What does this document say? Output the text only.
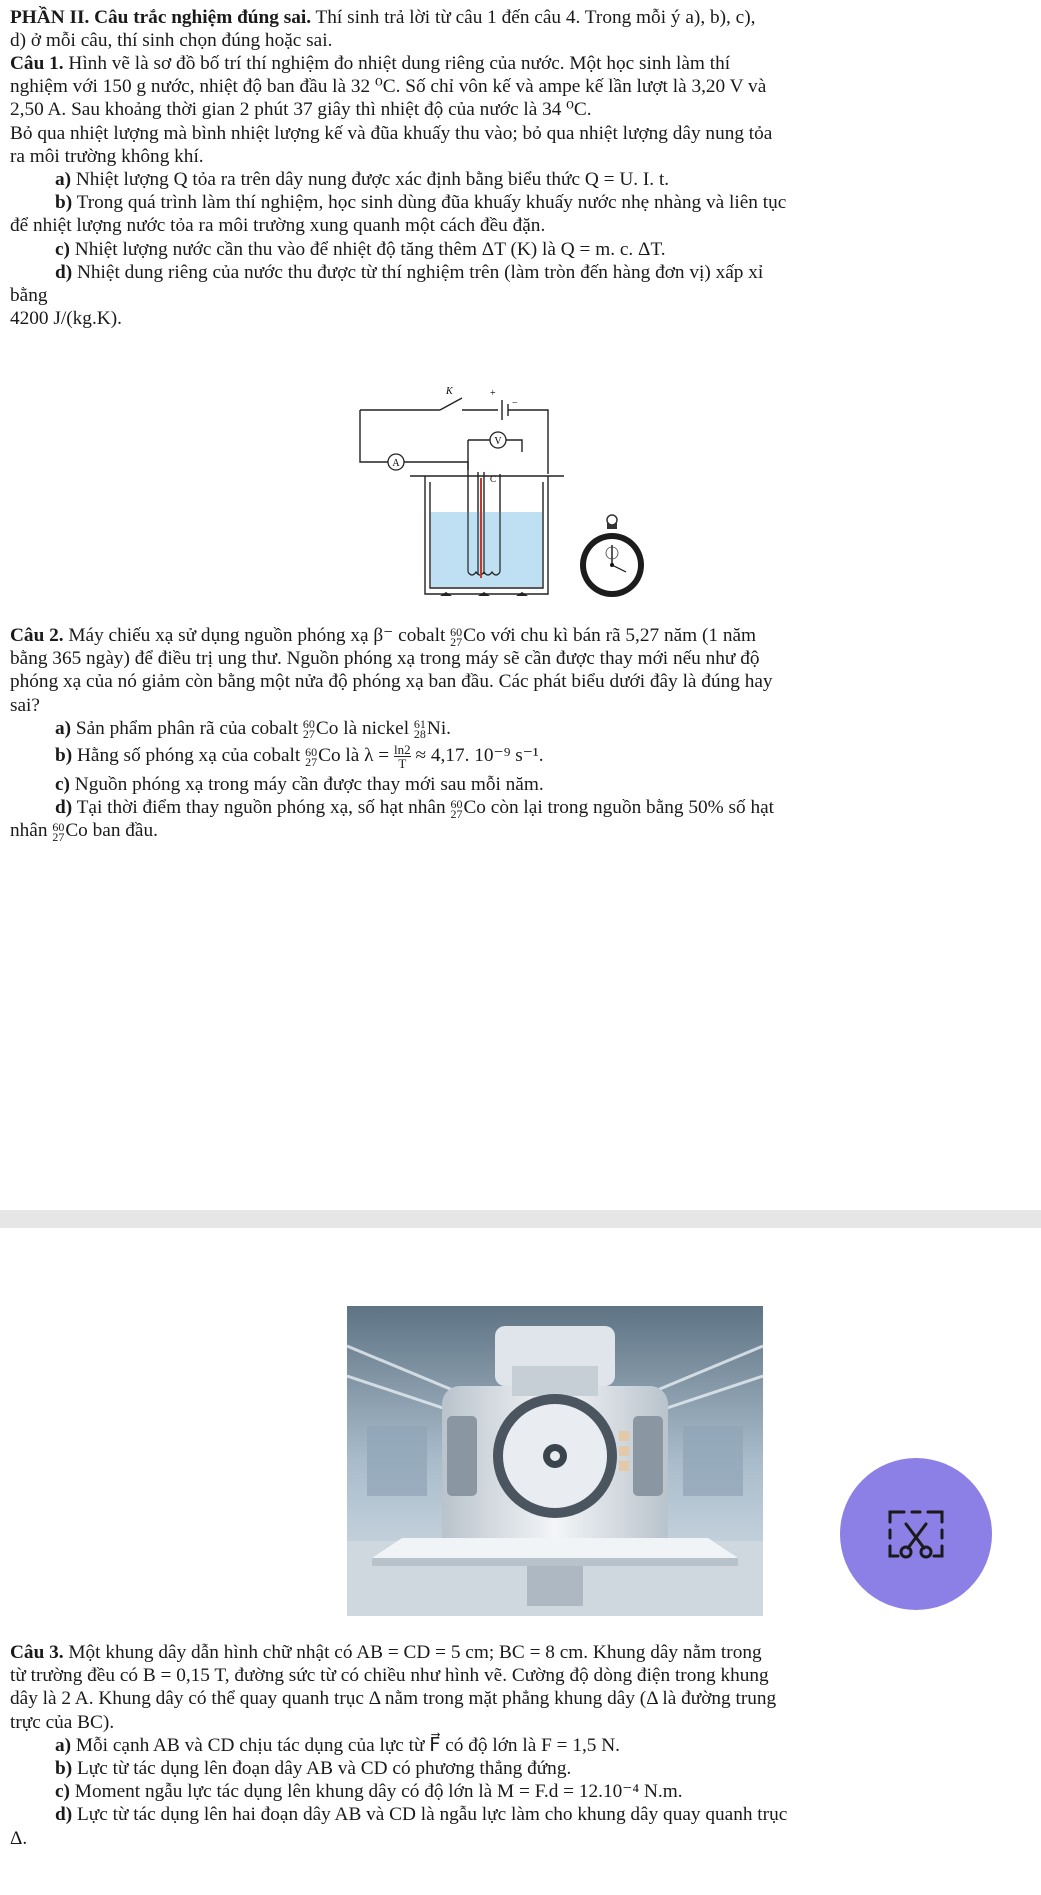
PHẦN II. Câu trắc nghiệm đúng sai. Thí sinh trả lời từ câu 1 đến câu 4. Trong mỗi ý a), b), c),
d) ở mỗi câu, thí sinh chọn đúng hoặc sai.
Câu 1. Hình vẽ là sơ đồ bố trí thí nghiệm đo nhiệt dung riêng của nước. Một học sinh làm thí
nghiệm với 150 g nước, nhiệt độ ban đầu là 32 ⁰C. Số chỉ vôn kế và ampe kế lần lượt là 3,20 V và
2,50 A. Sau khoảng thời gian 2 phút 37 giây thì nhiệt độ của nước là 34 ⁰C.
Bỏ qua nhiệt lượng mà bình nhiệt lượng kế và đũa khuấy thu vào; bỏ qua nhiệt lượng dây nung tỏa
ra môi trường không khí.
a) Nhiệt lượng Q tỏa ra trên dây nung được xác định bằng biểu thức Q = U. I. t.
b) Trong quá trình làm thí nghiệm, học sinh dùng đũa khuấy khuấy nước nhẹ nhàng và liên tục
để nhiệt lượng nước tỏa ra môi trường xung quanh một cách đều đặn.
c) Nhiệt lượng nước cần thu vào để nhiệt độ tăng thêm ΔT (K) là Q = m. c. ΔT.
d) Nhiệt dung riêng của nước thu được từ thí nghiệm trên (làm tròn đến hàng đơn vị) xấp xỉ
bằng
4200 J/(kg.K).
V
A
K	+
−
C
Câu 2. Máy chiếu xạ sử dụng nguồn phóng xạ β⁻ cobalt 60
27 Co với chu kì bán rã 5,27 năm (1 năm
bằng 365 ngày) để điều trị ung thư. Nguồn phóng xạ trong máy sẽ cần được thay mới nếu như độ
phóng xạ của nó giảm còn bằng một nửa độ phóng xạ ban đầu. Các phát biểu dưới đây là đúng hay
sai?
a) Sản phẩm phân rã của cobalt 60
27 Co là nickel 61
28 Ni.
b) Hằng số phóng xạ của cobalt 60
27 Co là $\lambda = \frac{\ln 2}{T} \approx 4,17$. 10⁻⁹ s⁻¹.
c) Nguồn phóng xạ trong máy cần được thay mới sau mỗi năm.
d) Tại thời điểm thay nguồn phóng xạ, số hạt nhân 60
27 Co còn lại trong nguồn bằng 50% số hạt
nhân 60
27 Co ban đầu.
Câu 3. Một khung dây dẫn hình chữ nhật có AB = CD = 5 cm; BC = 8 cm. Khung dây nằm trong
từ trường đều có B = 0,15 T, đường sức từ có chiều như hình vẽ. Cường độ dòng điện trong khung
dây là 2 A. Khung dây có thể quay quanh trục Δ nằm trong mặt phẳng khung dây (Δ là đường trung
trực của BC).
a) Mỗi cạnh AB và CD chịu tác dụng của lực từ F⃗ có độ lớn là F = 1,5 N.
b) Lực từ tác dụng lên đoạn dây AB và CD có phương thẳng đứng.
c) Moment ngẫu lực tác dụng lên khung dây có độ lớn là M = F.d = 12.10⁻⁴ N.m.
d) Lực từ tác dụng lên hai đoạn dây AB và CD là ngẫu lực làm cho khung dây quay quanh trục
Δ.
